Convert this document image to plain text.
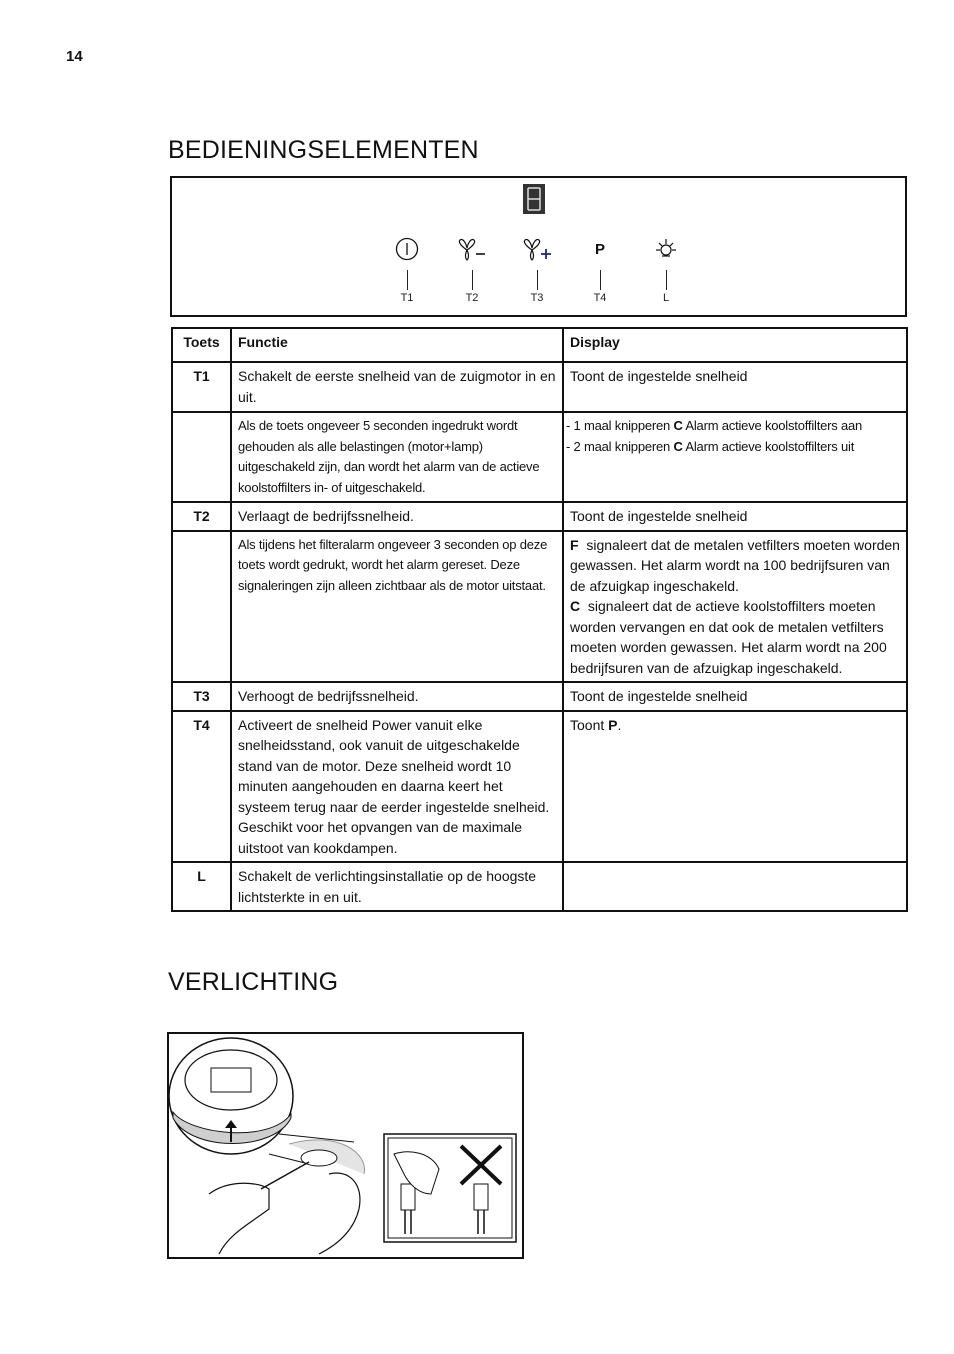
14
BEDIENINGSELEMENTEN
T1	T2	T3
P
T4	L
Toets	Functie	Display
T1	Schakelt de eerste snelheid van de zuigmotor in en uit.	Toont de ingestelde snelheid
	Als de toets ongeveer 5 seconden ingedrukt wordt gehouden als alle belastingen (motor+lamp) uitgeschakeld zijn, dan wordt het alarm van de actieve koolstoffilters in- of uitgeschakeld.	- 1 maal knipperen C Alarm actieve koolstoffilters aan
- 2 maal knipperen C Alarm actieve koolstoffilters uit

T2	Verlaagt de bedrijfssnelheid.	Toont de ingestelde snelheid
	Als tijdens het filteralarm ongeveer 3 seconden op deze toets wordt gedrukt, wordt het alarm gereset. Deze signaleringen zijn alleen zichtbaar als de motor uitstaat.	F  signaleert dat de metalen vetfilters moeten worden gewassen. Het alarm wordt na 100 bedrijfsuren van de afzuigkap ingeschakeld.
C  signaleert dat de actieve koolstoffilters moeten worden vervangen en dat ook de metalen vetfilters moeten worden gewassen. Het alarm wordt na 200 bedrijfsuren van de afzuigkap ingeschakeld.

T3	Verhoogt de bedrijfssnelheid.	Toont de ingestelde snelheid
T4	Activeert de snelheid Power vanuit elke snelheidsstand, ook vanuit de uitgeschakelde stand van de motor. Deze snelheid wordt 10 minuten aangehouden en daarna keert het systeem terug naar de eerder ingestelde snelheid. Geschikt voor het opvangen van de maximale uitstoot van kookdampen.	Toont P.
L	Schakelt de verlichtingsinstallatie op de hoogste lichtsterkte in en uit.	
VERLICHTING
